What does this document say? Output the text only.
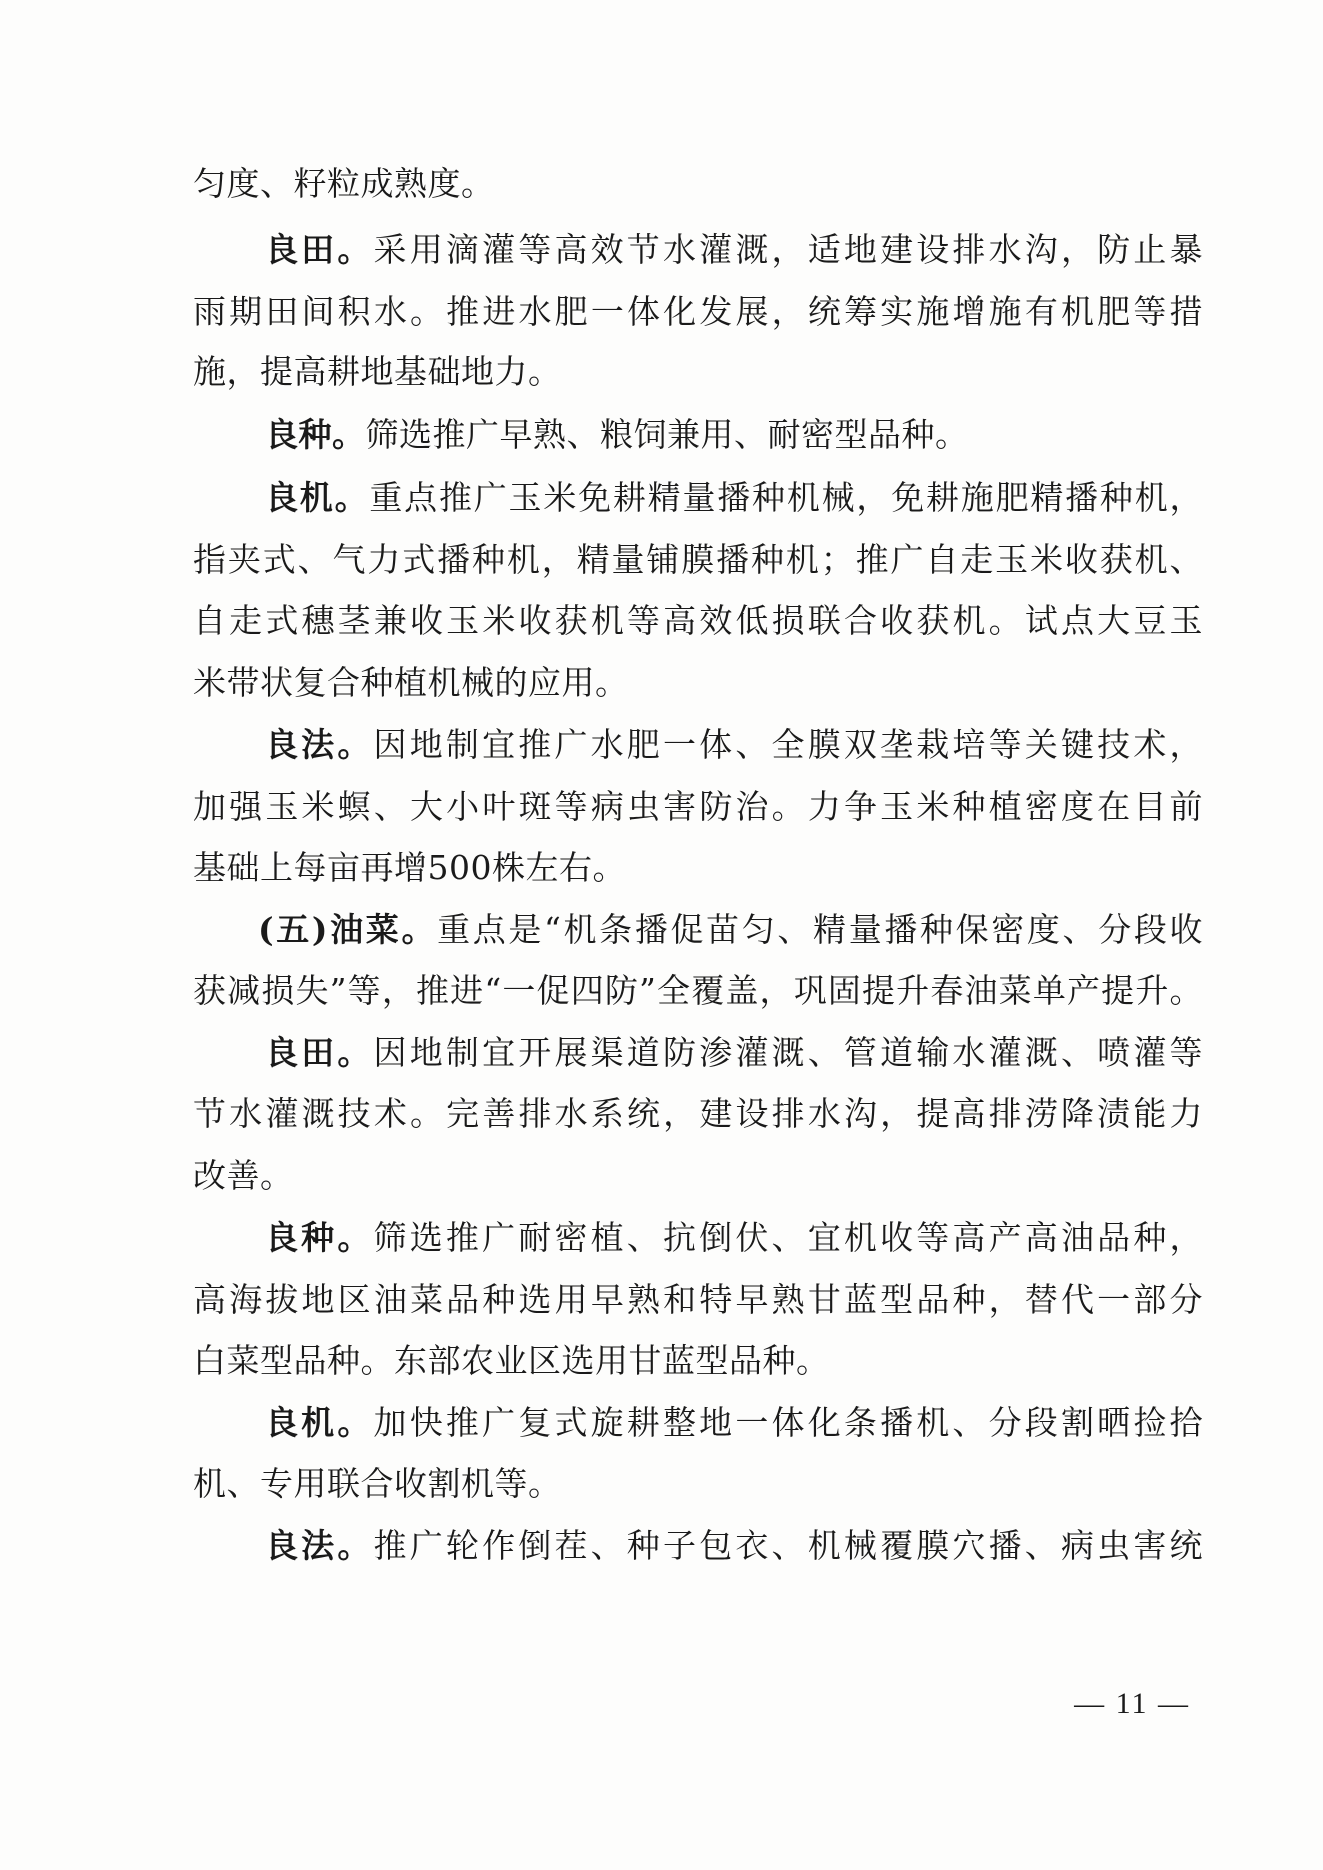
匀度、籽粒成熟度。
良田。采用滴灌等高效节水灌溉，适地建设排水沟，防止暴
雨期田间积水。推进水肥一体化发展，统筹实施增施有机肥等措
施，提高耕地基础地力。
良种。筛选推广早熟、粮饲兼用、耐密型品种。
良机。重点推广玉米免耕精量播种机械，免耕施肥精播种机，
指夹式、气力式播种机，精量铺膜播种机；推广自走玉米收获机、
自走式穗茎兼收玉米收获机等高效低损联合收获机。试点大豆玉
米带状复合种植机械的应用。
良法。因地制宜推广水肥一体、全膜双垄栽培等关键技术，
加强玉米螟、大小叶斑等病虫害防治。力争玉米种植密度在目前
基础上每亩再增500株左右。
(五)油菜。重点是“机条播促苗匀、精量播种保密度、分段收
获减损失”等，推进“一促四防”全覆盖，巩固提升春油菜单产提升。
良田。因地制宜开展渠道防渗灌溉、管道输水灌溉、喷灌等
节水灌溉技术。完善排水系统，建设排水沟，提高排涝降渍能力
改善。
良种。筛选推广耐密植、抗倒伏、宜机收等高产高油品种，
高海拔地区油菜品种选用早熟和特早熟甘蓝型品种，替代一部分
白菜型品种。东部农业区选用甘蓝型品种。
良机。加快推广复式旋耕整地一体化条播机、分段割晒捡拾
机、专用联合收割机等。
良法。推广轮作倒茬、种子包衣、机械覆膜穴播、病虫害统
— 11 —
